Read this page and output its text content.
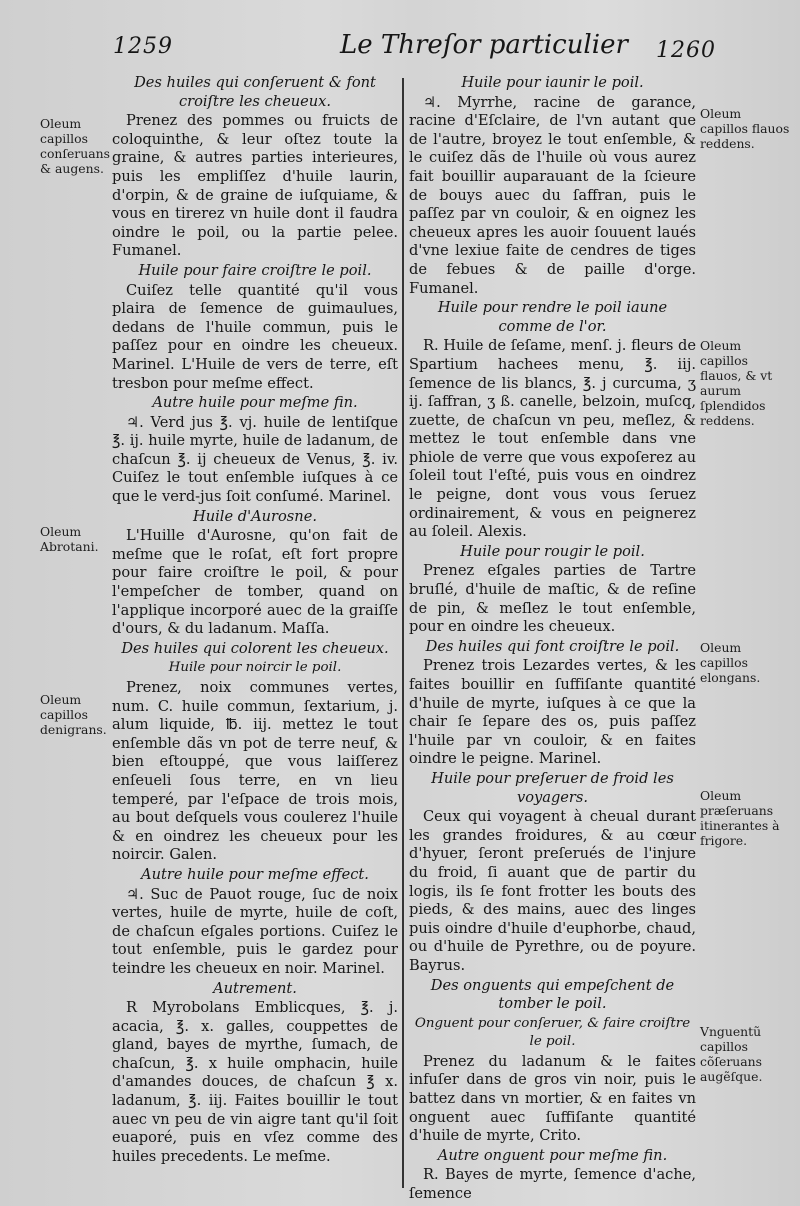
1259	Le Threſor particulier 1260
Des huiles qui conſeruent & font croiſtre les cheueux.

Prenez des pommes ou fruicts de coloquinthe, & leur oſtez toute la graine, & autres parties interieures, puis les empliſſez d'huile laurin, d'orpin, & de graine de iuſquiame, & vous en tirerez vn huile dont il faudra oindre le poil, ou la partie pelee. Fumanel.

Huile pour faire croiſtre le poil.

Cuiſez telle quantité qu'il vous plaira de ſemence de guimaulues, dedans de l'huile commun, puis le paſſez pour en oindre les cheueux. Marinel. L'Huile de vers de terre, eſt tresbon pour meſme effect.

Autre huile pour meſme fin.

♃. Verd jus ℥. vj. huile de lentiſque ℥. ij. huile myrte, huile de ladanum, de chaſcun ℥. ij cheueux de Venus, ℥. iv. Cuiſez le tout enſemble iuſques à ce que le verd-jus ſoit conſumé. Marinel.

Huile d'Aurosne.

L'Huille d'Aurosne, qu'on fait de meſme que le roſat, eſt fort propre pour faire croiſtre le poil, & pour l'empeſcher de tomber, quand on l'applique incorporé auec de la graiſſe d'ours, & du ladanum. Maſſa.

Des huiles qui colorent les cheueux.
Huile pour noircir le poil.

Prenez, noix communes vertes, num. C. huile commun, ſextarium, j. alum liquide, ℔. iij. mettez le tout enſemble dãs vn pot de terre neuf, & bien eſtouppé, que vous laiſſerez enſeueli ſous terre, en vn lieu temperé, par l'eſpace de trois mois, au bout deſquels vous coulerez l'huile & en oindrez les cheueux pour les noircir. Galen.

Autre huile pour meſme effect.

♃. Suc de Pauot rouge, ſuc de noix vertes, huile de myrte, huile de coſt, de chaſcun eſgales portions. Cuiſez le tout enſemble, puis le gardez pour teindre les cheueux en noir. Marinel.

Autrement.

R Myrobolans Emblicques, ℥. j. acacia, ℥. x. galles, couppettes de gland, bayes de myrthe, ſumach, de chaſcun, ℥. x huile omphacin, huile d'amandes douces, de chaſcun ℥ x. ladanum, ℥. iij. Faites bouillir le tout auec vn peu de vin aigre tant qu'il ſoit euaporé, puis en vſez comme des huiles precedents. Le meſme.

Huile pour iaunir le poil.

♃. Myrrhe, racine de garance, racine d'Eſclaire, de l'vn autant que de l'autre, broyez le tout enſemble, & le cuiſez dãs de l'huile où vous aurez fait bouillir auparauant de la ſcieure de bouys auec du ſaffran, puis le paſſez par vn couloir, & en oignez les cheueux apres les auoir ſouuent laués d'vne lexiue faite de cendres de tiges de febues & de paille d'orge. Fumanel.

Huile pour rendre le poil iaune comme de l'or.

R. Huile de ſeſame, menſ. j. fleurs de Spartium hachees menu, ℥. iij. ſemence de lis blancs, ℥. j curcuma, ʒ ij. ſaffran, ʒ ß. canelle, belzoin, muſcq, zuette, de chaſcun vn peu, meſlez, & mettez le tout enſemble dans vne phiole de verre que vous expoſerez au ſoleil tout l'eſté, puis vous en oindrez le peigne, dont vous vous ſeruez ordinairement, & vous en peignerez au ſoleil. Alexis.

Huile pour rougir le poil.

Prenez eſgales parties de Tartre bruſlé, d'huile de maſtic, & de reſine de pin, & meſlez le tout enſemble, pour en oindre les cheueux.

Des huiles qui font croiſtre le poil.

Prenez trois Lezardes vertes, & les faites bouillir en ſuffiſante quantité d'huile de myrte, iuſques à ce que la chair ſe ſepare des os, puis paſſez l'huile par vn couloir, & en faites oindre le peigne. Marinel.

Huile pour preſeruer de froid les voyagers.

Ceux qui voyagent à cheual durant les grandes froidures, & au cœur d'hyuer, ſeront preſerués de l'injure du froid, ſi auant que de partir du logis, ils ſe font frotter les bouts des pieds, & des mains, auec des linges puis oindre d'huile d'euphorbe, chaud, ou d'huile de Pyrethre, ou de poyure. Bayrus.

Des onguents qui empeſchent de tomber le poil.
Onguent pour conſeruer, & faire croiſtre le poil.

Prenez du ladanum & le faites infuſer dans de gros vin noir, puis le battez dans vn mortier, & en faites vn onguent auec ſuffiſante quantité d'huile de myrte, Crito.

Autre onguent pour meſme fin.

R. Bayes de myrte, ſemence d'ache, ſemence

Oleum capillos conſeruans & augens.
Oleum Abrotani.
Oleum capillos denigrans.
Oleum capillos flauos reddens.
Oleum capillos flauos, & vt aurum ſplendidos reddens.
Oleum capillos elongans.
Oleum præſeruans itinerantes à frigore.
Vnguentũ capillos cõſeruans augẽſque.
